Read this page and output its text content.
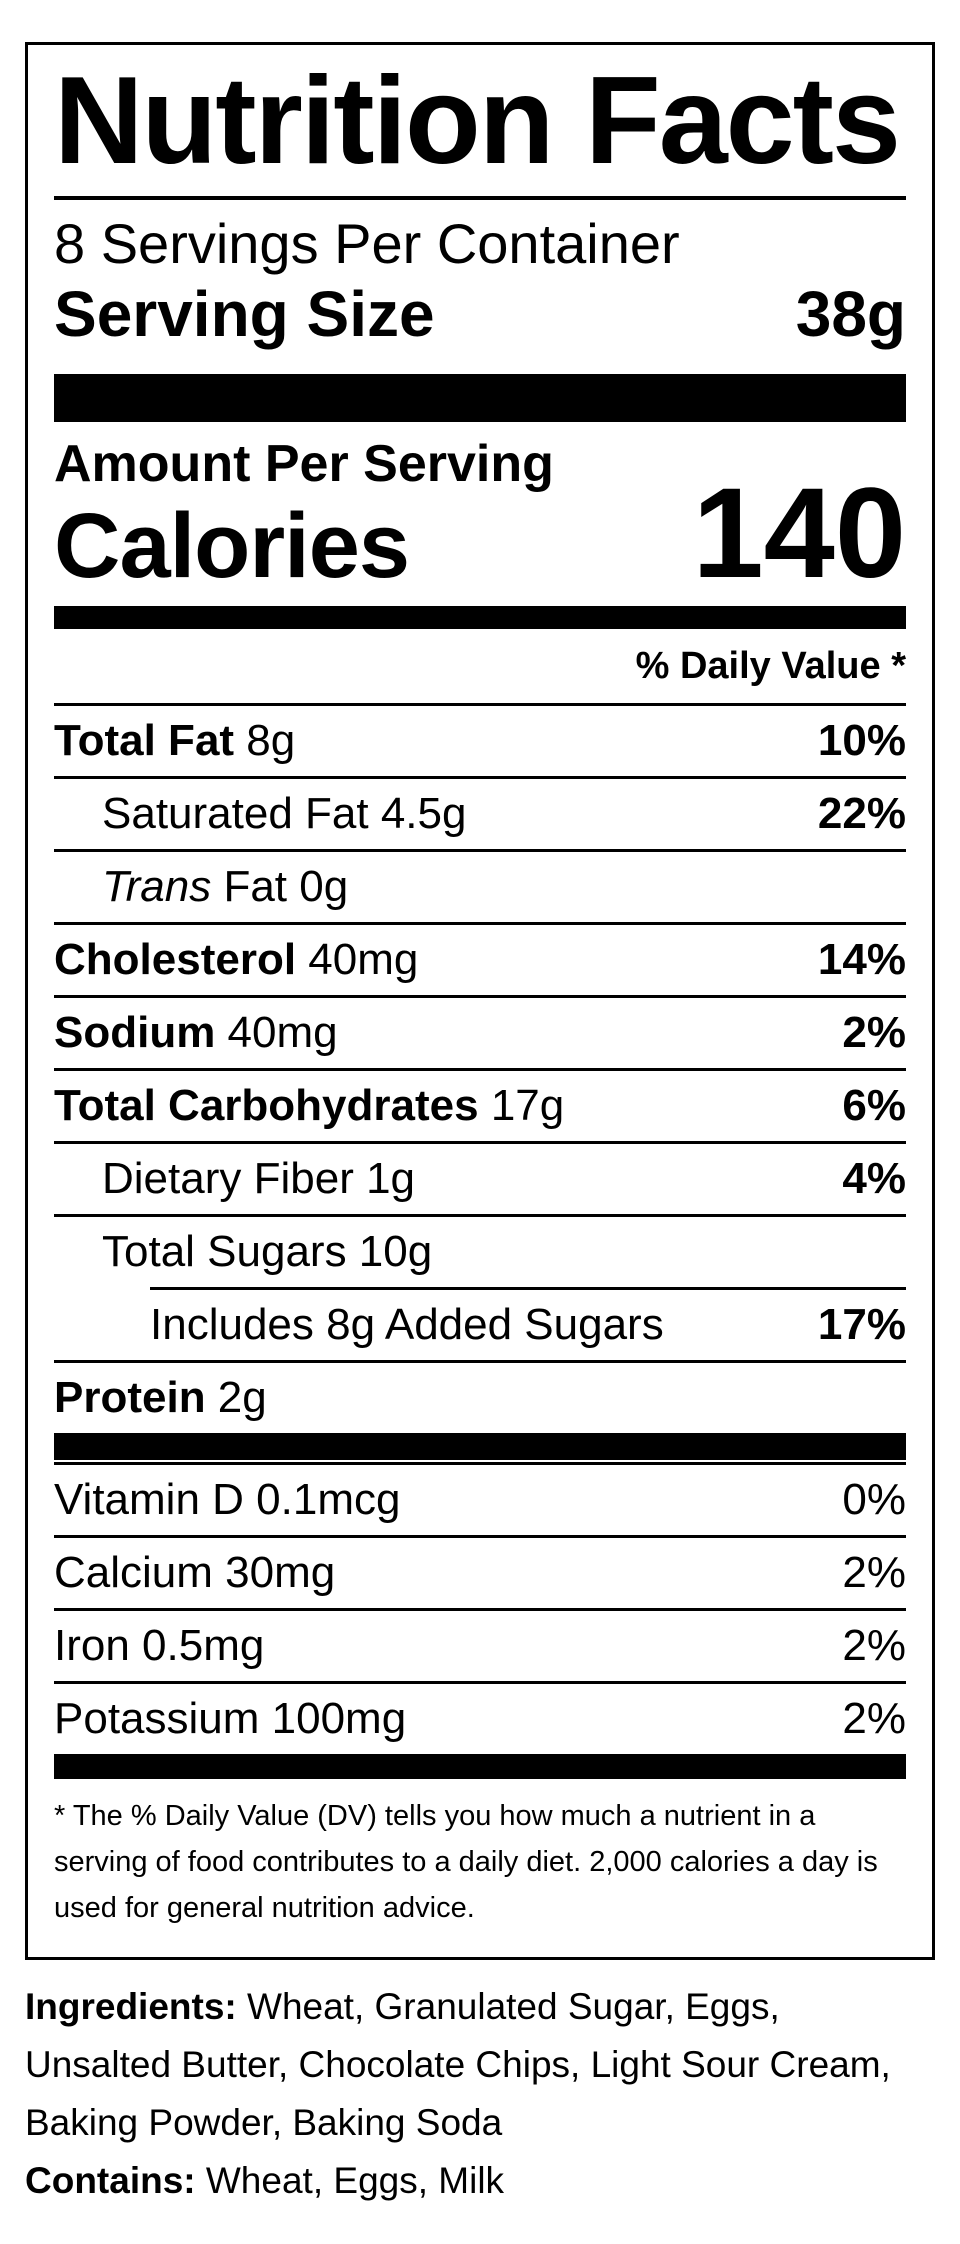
Nutrition Facts
8 Servings Per Container
Serving Size	38g
Amount Per Serving
Calories 140
% Daily Value *
Total Fat 8g	10%
Saturated Fat 4.5g	22%
Trans Fat 0g
Cholesterol 40mg	14%
Sodium 40mg	2%
Total Carbohydrates 17g	6%
Dietary Fiber 1g	4%
Total Sugars 10g
Includes 8g Added Sugars	17%
Protein 2g
Vitamin D 0.1mcg	0%
Calcium 30mg	2%
Iron 0.5mg	2%
Potassium 100mg	2%

* The % Daily Value (DV) tells you how much a nutrient in a serving of food contributes to a daily diet. 2,000 calories a day is used for general nutrition advice.

Ingredients: Wheat, Granulated Sugar, Eggs, Unsalted Butter, Chocolate Chips, Light Sour Cream, Baking Powder, Baking Soda

Contains: Wheat, Eggs, Milk
